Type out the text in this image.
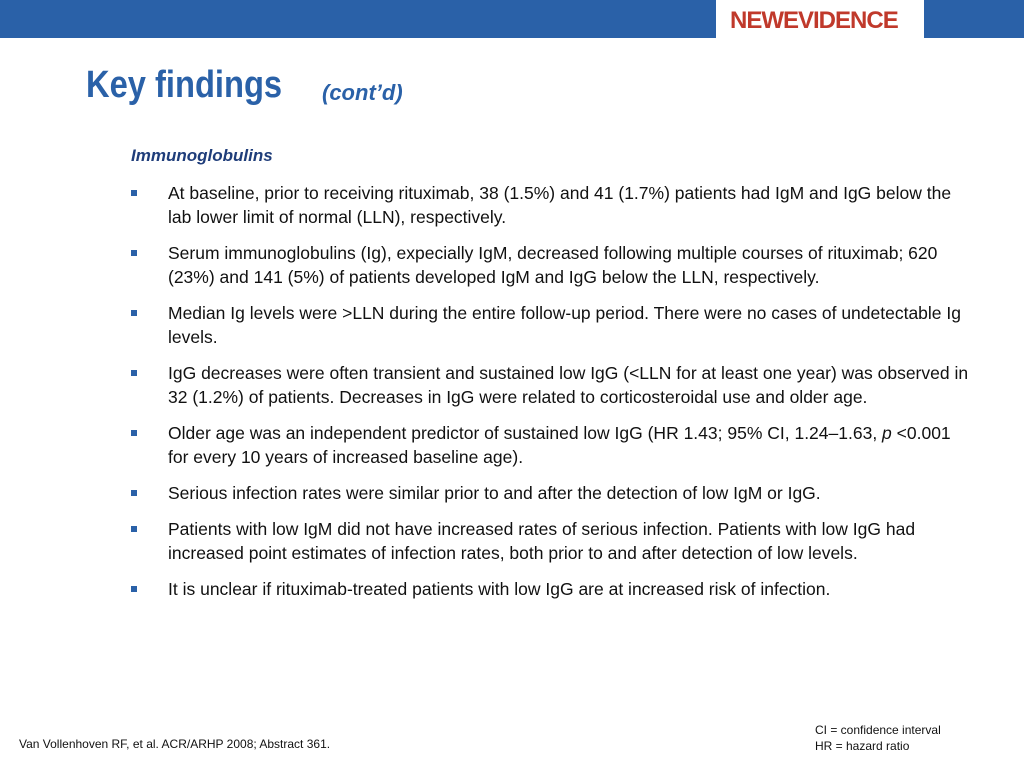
NEWEVIDENCE
Key findings (cont’d)
Immunoglobulins
At baseline, prior to receiving rituximab, 38 (1.5%) and 41 (1.7%) patients had IgM and IgG below the lab lower limit of normal (LLN), respectively.
Serum immunoglobulins (Ig), expecially IgM, decreased following multiple courses of rituximab; 620 (23%) and 141 (5%) of patients developed IgM and IgG below the LLN, respectively.
Median Ig levels were >LLN during the entire follow-up period. There were no cases of undetectable Ig levels.
IgG decreases were often transient and sustained low IgG (<LLN for at least one year) was observed in 32 (1.2%) of patients. Decreases in IgG were related to corticosteroidal use and older age.
Older age was an independent predictor of sustained low IgG (HR 1.43; 95% CI, 1.24–1.63, p <0.001 for every 10 years of increased baseline age).
Serious infection rates were similar prior to and after the detection of low IgM or IgG.
Patients with low IgM did not have increased rates of serious infection. Patients with low IgG had increased point estimates of infection rates, both prior to and after detection of low levels.
It is unclear if rituximab-treated patients with low IgG are at increased risk of infection.
Van Vollenhoven RF, et al. ACR/ARHP 2008; Abstract 361.
CI = confidence interval
HR = hazard ratio
